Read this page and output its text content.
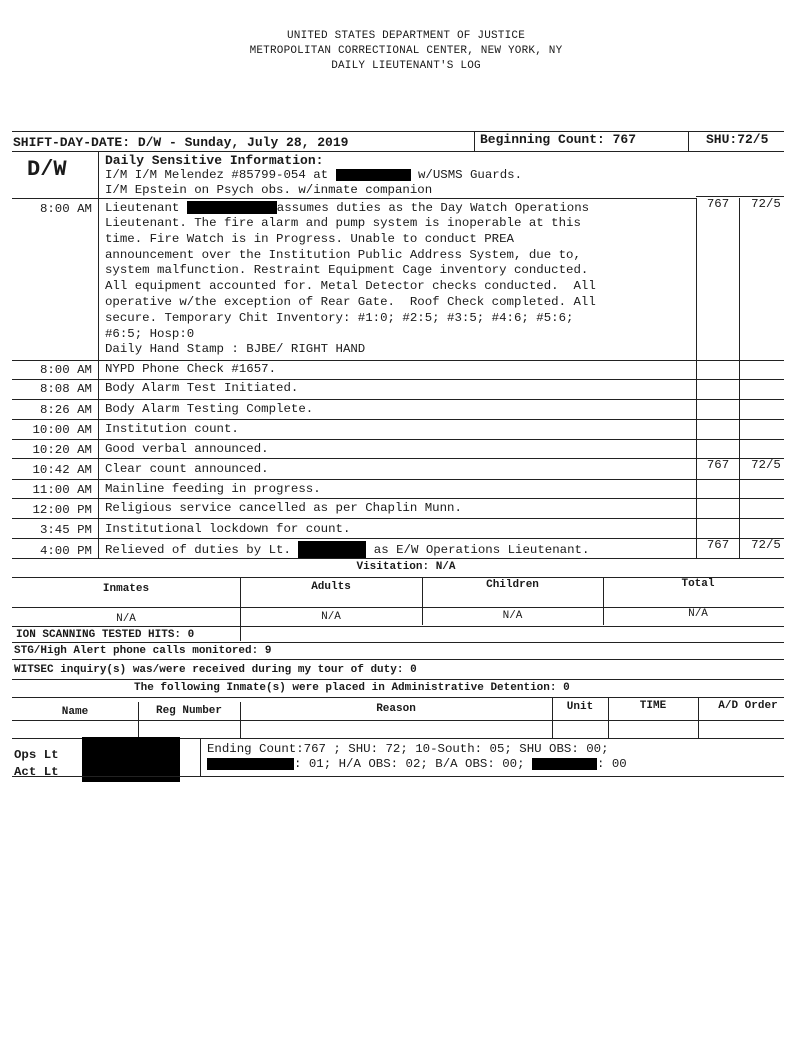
UNITED STATES DEPARTMENT OF JUSTICE
METROPOLITAN CORRECTIONAL CENTER, NEW YORK, NY
DAILY LIEUTENANT'S LOG
SHIFT-DAY-DATE: D/W - Sunday, July 28, 2019	Beginning Count: 767	SHU:72/5
D/W	Daily Sensitive Information:
I/M I/M Melendez #85799-054 at	w/USMS Guards.
I/M Epstein on Psych obs. w/inmate companion
8:00 AM Lieutenant	assumes duties as the Day Watch Operations
Lieutenant. The fire alarm and pump system is inoperable at this
time. Fire Watch is in Progress. Unable to conduct PREA
announcement over the Institution Public Address System, due to,
system malfunction. Restraint Equipment Cage inventory conducted.
All equipment accounted for. Metal Detector checks conducted.  All
operative w/the exception of Rear Gate.  Roof Check completed. All
secure. Temporary Chit Inventory: #1:0; #2:5; #3:5; #4:6; #5:6;
#6:5; Hosp:0
Daily Hand Stamp : BJBE/ RIGHT HAND
767	72/5
8:00 AM NYPD Phone Check #1657.
8:08 AM Body Alarm Test Initiated.
8:26 AM Body Alarm Testing Complete.
10:00 AM Institution count.
10:20 AM Good verbal announced.
10:42 AM Clear count announced.	767	72/5
11:00 AM Mainline feeding in progress.
12:00 PM Religious service cancelled as per Chaplin Munn.
3:45 PM Institutional lockdown for count.
4:00 PM Relieved of duties by Lt.	as E/W Operations Lieutenant.	767	72/5
Visitation: N/A
Inmates	Adults	Children	Total
N/A	N/A	N/A	N/A
ION SCANNING TESTED HITS: 0
STG/High Alert phone calls monitored: 9
WITSEC inquiry(s) was/were received during my tour of duty: 0
The following Inmate(s) were placed in Administrative Detention: 0
Name	Reg Number	Reason	Unit	TIME	A/D Order
Ops Lt
Act Lt
Ending Count:767 ; SHU: 72; 10-South: 05; SHU OBS: 00;
: 01; H/A OBS: 02; B/A OBS: 00;	: 00
